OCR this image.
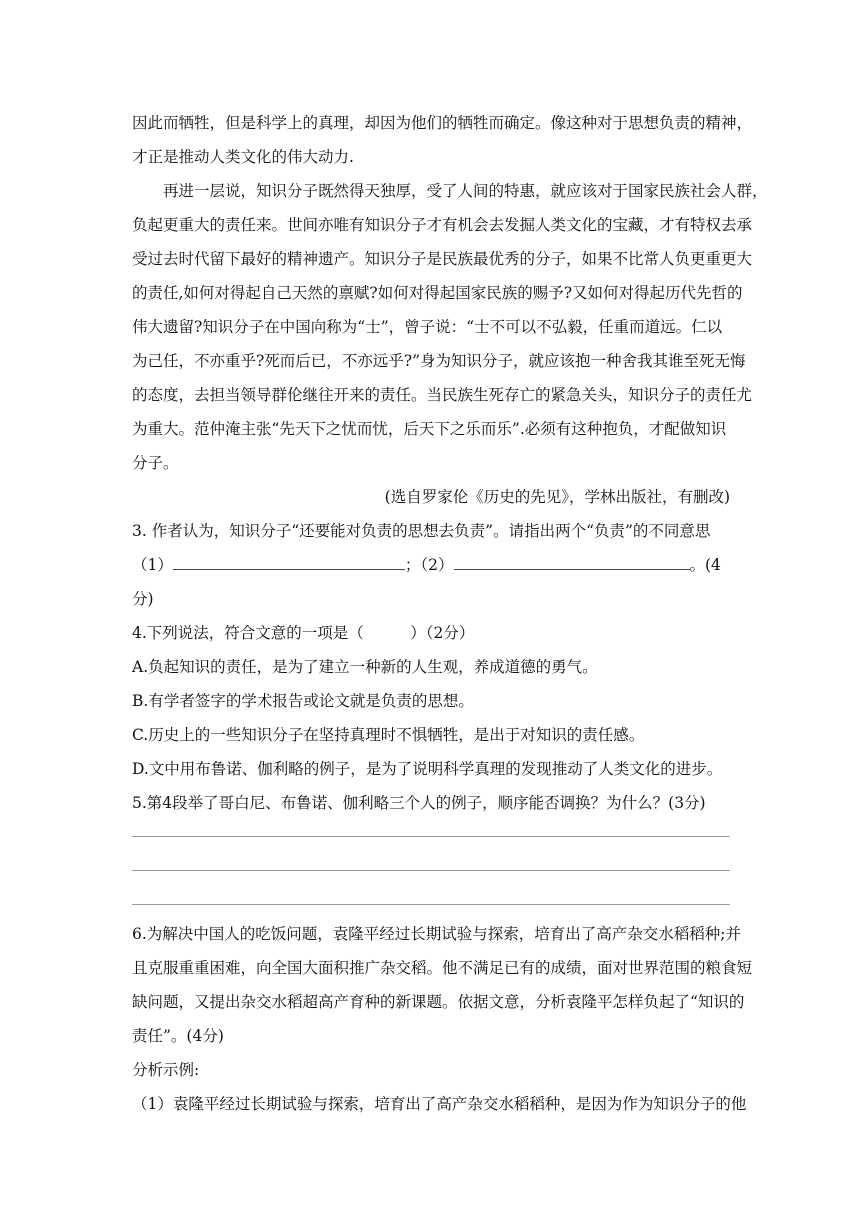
因此而牺牲，但是科学上的真理，却因为他们的牺牲而确定。像这种对于思想负责的精神，
才正是推动人类文化的伟大动力.
再进一层说，知识分子既然得天独厚，受了人间的特惠，就应该对于国家民族社会人群，
负起更重大的责任来。世间亦唯有知识分子才有机会去发掘人类文化的宝藏，才有特权去承
受过去时代留下最好的精神遗产。知识分子是民族最优秀的分子，如果不比常人负更重更大
的责任,如何对得起自己天然的禀赋?如何对得起国家民族的赐予?又如何对得起历代先哲的
伟大遗留?知识分子在中国向称为“士”，曾子说：“士不可以不弘毅，任重而道远。仁以
为己任，不亦重乎?死而后已，不亦远乎?”身为知识分子，就应该抱一种舍我其谁至死无悔
的态度，去担当领导群伦继往开来的责任。当民族生死存亡的紧急关头，知识分子的责任尤
为重大。范仲淹主张“先天下之忧而忧，后天下之乐而乐”.必须有这种抱负，才配做知识
分子。
(选自罗家伦《历史的先见》，学林出版社，有删改)
3. 作者认为，知识分子“还要能对负责的思想去负责”。请指出两个“负责”的不同意思
（1）	；（2）	。(4
分)
4.下列说法，符合文意的一项是（　　　）（2分）
A.负起知识的责任，是为了建立一种新的人生观，养成道德的勇气。
B.有学者签字的学术报告或论文就是负责的思想。
C.历史上的一些知识分子在坚持真理时不惧牺牲，是出于对知识的责任感。
D.文中用布鲁诺、伽利略的例子，是为了说明科学真理的发现推动了人类文化的进步。
5.第4段举了哥白尼、布鲁诺、伽利略三个人的例子，顺序能否调换？为什么？(3分)
6.为解决中国人的吃饭问题，袁隆平经过长期试验与探索，培育出了高产杂交水稻稻种;并
且克服重重困难，向全国大面积推广杂交稻。他不满足已有的成绩，面对世界范围的粮食短
缺问题，又提出杂交水稻超高产育种的新课题。依据文意，分析袁隆平怎样负起了“知识的
责任”。(4分)
分析示例:
（1）袁隆平经过长期试验与探索，培育出了高产杂交水稻稻种，是因为作为知识分子的他
